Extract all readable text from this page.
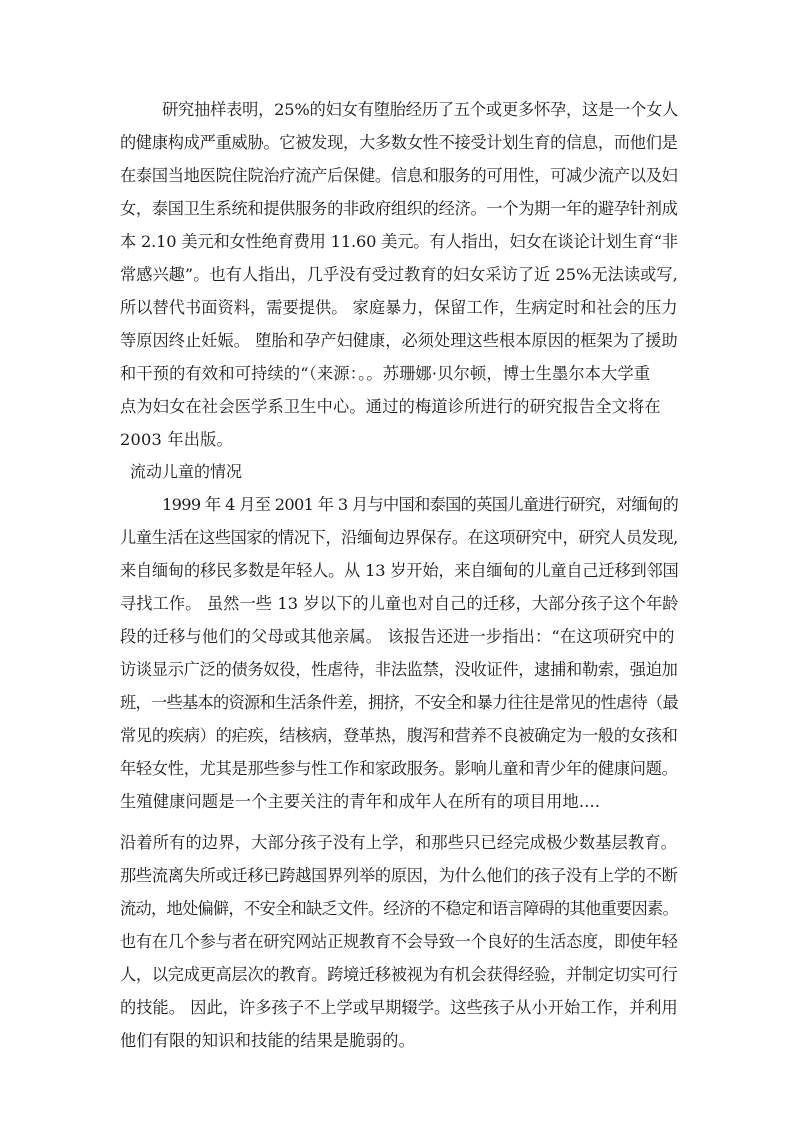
研究抽样表明，25%的妇女有堕胎经历了五个或更多怀孕，这是一个女人
的健康构成严重威胁。它被发现，大多数女性不接受计划生育的信息，而他们是
在泰国当地医院住院治疗流产后保健。信息和服务的可用性，可减少流产以及妇
女，泰国卫生系统和提供服务的非政府组织的经济。一个为期一年的避孕针剂成
本 2.10 美元和女性绝育费用 11.60 美元。有人指出，妇女在谈论计划生育“非
常感兴趣”。也有人指出，几乎没有受过教育的妇女采访了近 25%无法读或写,
所以替代书面资料，需要提供。 家庭暴力，保留工作，生病定时和社会的压力
等原因终止妊娠。 堕胎和孕产妇健康，必须处理这些根本原因的框架为了援助
和干预的有效和可持续的“（来源：。。苏珊娜·贝尔顿，博士生墨尔本大学重
点为妇女在社会医学系卫生中心。通过的梅道诊所进行的研究报告全文将在
2003 年出版。
流动儿童的情况
1999 年 4 月至 2001 年 3 月与中国和泰国的英国儿童进行研究，对缅甸的
儿童生活在这些国家的情况下，沿缅甸边界保存。在这项研究中，研究人员发现,
来自缅甸的移民多数是年轻人。从 13 岁开始，来自缅甸的儿童自己迁移到邻国
寻找工作。 虽然一些 13 岁以下的儿童也对自己的迁移，大部分孩子这个年龄
段的迁移与他们的父母或其他亲属。 该报告还进一步指出：“在这项研究中的
访谈显示广泛的债务奴役，性虐待，非法监禁，没收证件，逮捕和勒索，强迫加
班，一些基本的资源和生活条件差，拥挤，不安全和暴力往往是常见的性虐待（最
常见的疾病）的疟疾，结核病，登革热，腹泻和营养不良被确定为一般的女孩和
年轻女性，尤其是那些参与性工作和家政服务。影响儿童和青少年的健康问题。
生殖健康问题是一个主要关注的青年和成年人在所有的项目用地....
沿着所有的边界，大部分孩子没有上学，和那些只已经完成极少数基层教育。
那些流离失所或迁移已跨越国界列举的原因，为什么他们的孩子没有上学的不断
流动，地处偏僻，不安全和缺乏文件。经济的不稳定和语言障碍的其他重要因素。
也有在几个参与者在研究网站正规教育不会导致一个良好的生活态度，即使年轻
人，以完成更高层次的教育。跨境迁移被视为有机会获得经验，并制定切实可行
的技能。 因此，许多孩子不上学或早期辍学。这些孩子从小开始工作，并利用
他们有限的知识和技能的结果是脆弱的。
